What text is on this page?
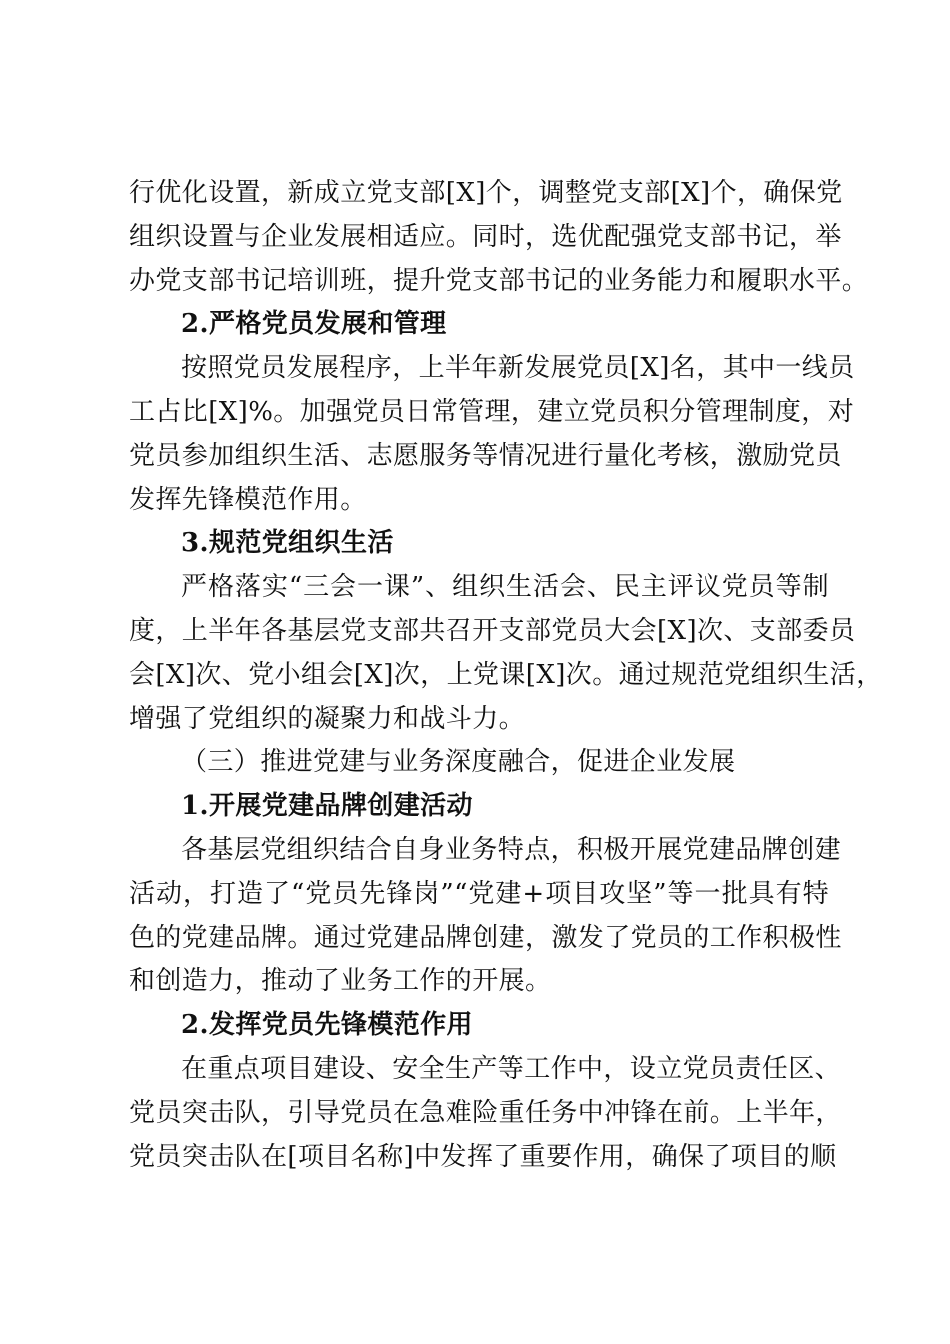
行优化设置，新成立党支部[X]个，调整党支部[X]个，确保党
组织设置与企业发展相适应。同时，选优配强党支部书记，举
办党支部书记培训班，提升党支部书记的业务能力和履职水平。
2.严格党员发展和管理
按照党员发展程序，上半年新发展党员[X]名，其中一线员
工占比[X]%。加强党员日常管理，建立党员积分管理制度，对
党员参加组织生活、志愿服务等情况进行量化考核，激励党员
发挥先锋模范作用。
3.规范党组织生活
严格落实“三会一课”、组织生活会、民主评议党员等制
度，上半年各基层党支部共召开支部党员大会[X]次、支部委员
会[X]次、党小组会[X]次，上党课[X]次。通过规范党组织生活，
增强了党组织的凝聚力和战斗力。
（三）推进党建与业务深度融合，促进企业发展
1.开展党建品牌创建活动
各基层党组织结合自身业务特点，积极开展党建品牌创建
活动，打造了“党员先锋岗”“党建+项目攻坚”等一批具有特
色的党建品牌。通过党建品牌创建，激发了党员的工作积极性
和创造力，推动了业务工作的开展。
2.发挥党员先锋模范作用
在重点项目建设、安全生产等工作中，设立党员责任区、
党员突击队，引导党员在急难险重任务中冲锋在前。上半年，
党员突击队在[项目名称]中发挥了重要作用，确保了项目的顺
